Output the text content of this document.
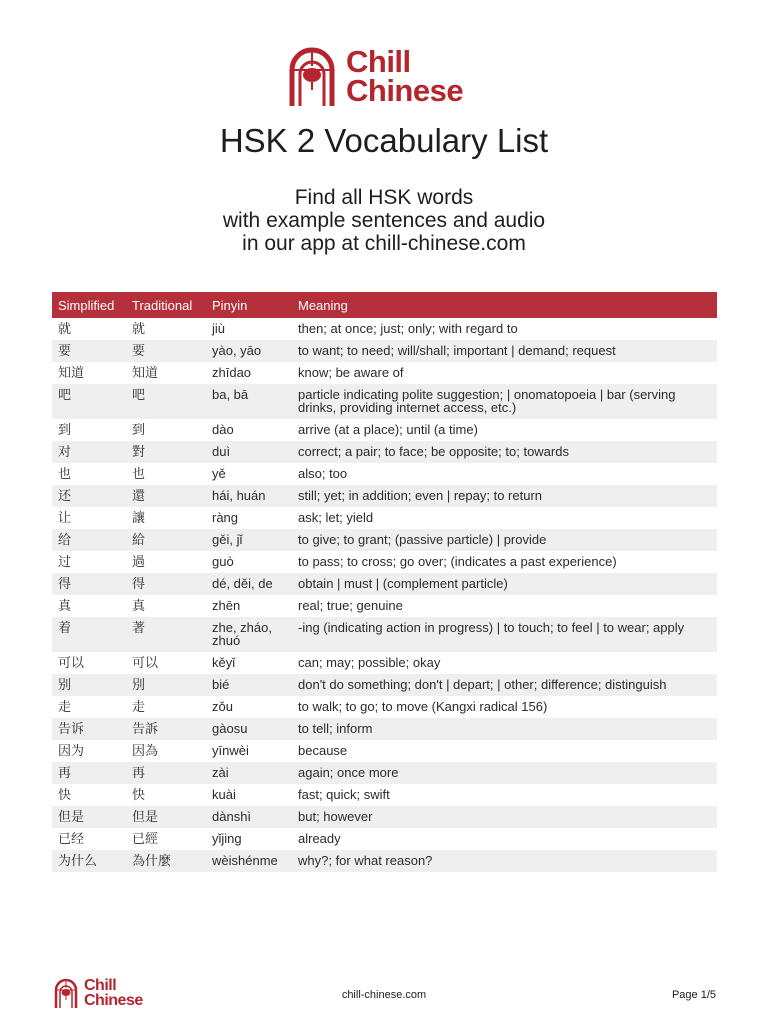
Chill
Chinese
HSK 2 Vocabulary List
Find all HSK words
with example sentences and audio
in our app at chill-chinese.com
Simplified	Traditional	Pinyin	Meaning
就	就	jiù	then; at once; just; only; with regard to
要	要	yào, yāo	to want; to need; will/shall; important | demand; request
知道	知道	zhīdao	know; be aware of
吧	吧	ba, bā	particle indicating polite suggestion; | onomatopoeia | bar (serving drinks, providing internet access, etc.)
到	到	dào	arrive (at a place); until (a time)
对	對	duì	correct; a pair; to face; be opposite; to; towards
也	也	yě	also; too
还	還	hái, huán	still; yet; in addition; even | repay; to return
让	讓	ràng	ask; let; yield
给	給	gěi, jǐ	to give; to grant; (passive particle) | provide
过	過	guò	to pass; to cross; go over; (indicates a past experience)
得	得	dé, děi, de	obtain | must | (complement particle)
真	真	zhēn	real; true; genuine
着	著	zhe, zháo, zhuó	-ing (indicating action in progress) | to touch; to feel | to wear; apply
可以	可以	kěyǐ	can; may; possible; okay
别	別	bié	don't do something; don't | depart; | other; difference; distinguish
走	走	zǒu	to walk; to go; to move (Kangxi radical 156)
告诉	告訴	gàosu	to tell; inform
因为	因為	yīnwèi	because
再	再	zài	again; once more
快	快	kuài	fast; quick; swift
但是	但是	dànshì	but; however
已经	已經	yǐjing	already
为什么	為什麼	wèishénme	why?; for what reason?
Chill
Chinese	chill-chinese.com	Page 1/5
